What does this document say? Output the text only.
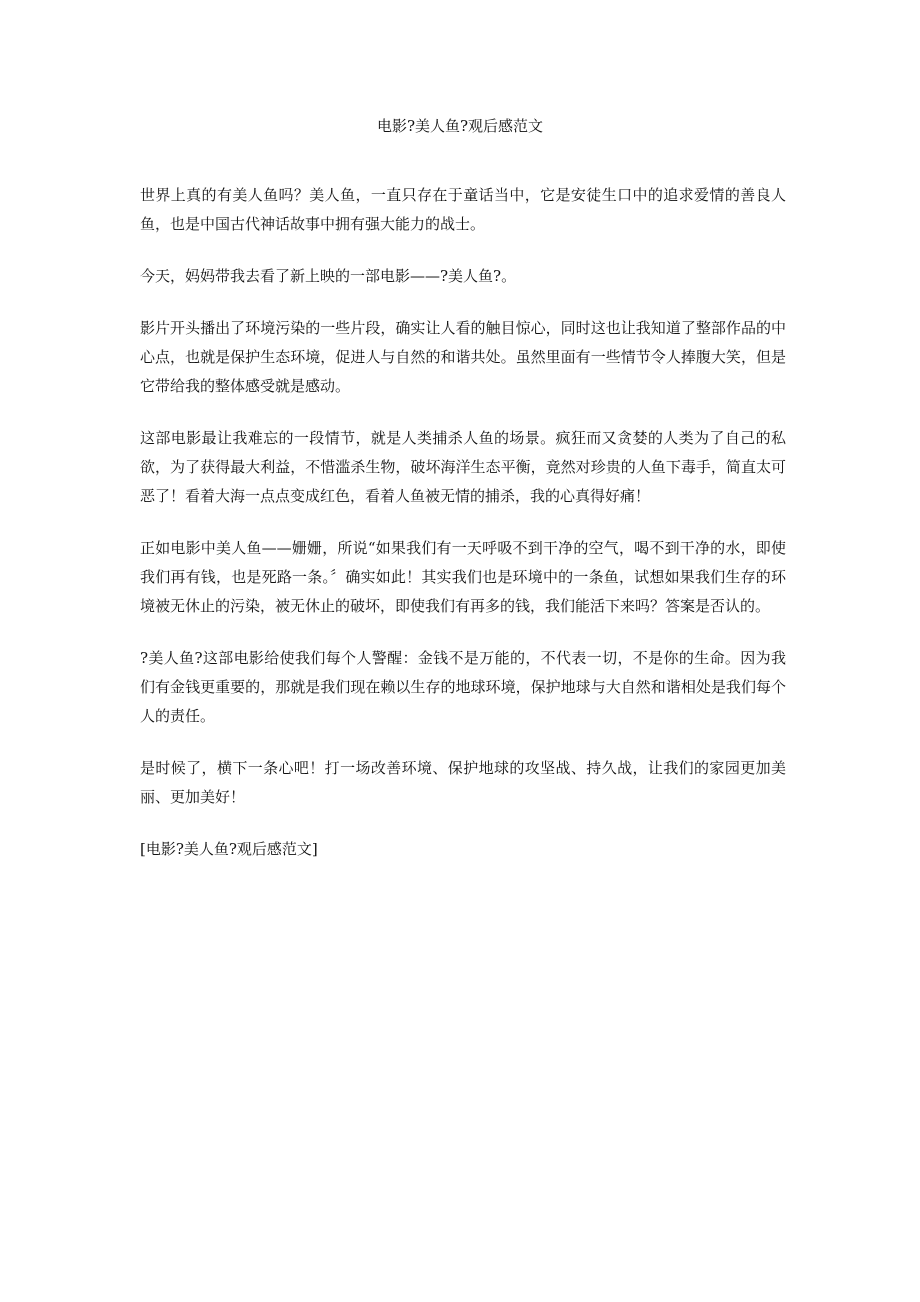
电影?美人鱼?观后感范文

世界上真的有美人鱼吗？美人鱼，一直只存在于童话当中，它是安徒生口中的追求爱情的善良人鱼，也是中国古代神话故事中拥有强大能力的战士。

今天，妈妈带我去看了新上映的一部电影——?美人鱼?。

影片开头播出了环境污染的一些片段，确实让人看的触目惊心，同时这也让我知道了整部作品的中心点，也就是保护生态环境，促进人与自然的和谐共处。虽然里面有一些情节令人捧腹大笑，但是它带给我的整体感受就是感动。

这部电影最让我难忘的一段情节，就是人类捕杀人鱼的场景。疯狂而又贪婪的人类为了自己的私欲，为了获得最大利益，不惜滥杀生物，破坏海洋生态平衡，竟然对珍贵的人鱼下毒手，简直太可恶了！看着大海一点点变成红色，看着人鱼被无情的捕杀，我的心真得好痛！

正如电影中美人鱼——姗姗，所说“如果我们有一天呼吸不到干净的空气，喝不到干净的水，即使我们再有钱，也是死路一条。〞确实如此！其实我们也是环境中的一条鱼，试想如果我们生存的环境被无休止的污染，被无休止的破坏，即使我们有再多的钱，我们能活下来吗？答案是否认的。

?美人鱼?这部电影给使我们每个人警醒：金钱不是万能的，不代表一切，不是你的生命。因为我们有金钱更重要的，那就是我们现在赖以生存的地球环境，保护地球与大自然和谐相处是我们每个人的责任。

是时候了，横下一条心吧！打一场改善环境、保护地球的攻坚战、持久战，让我们的家园更加美丽、更加美好！

[电影?美人鱼?观后感范文]
